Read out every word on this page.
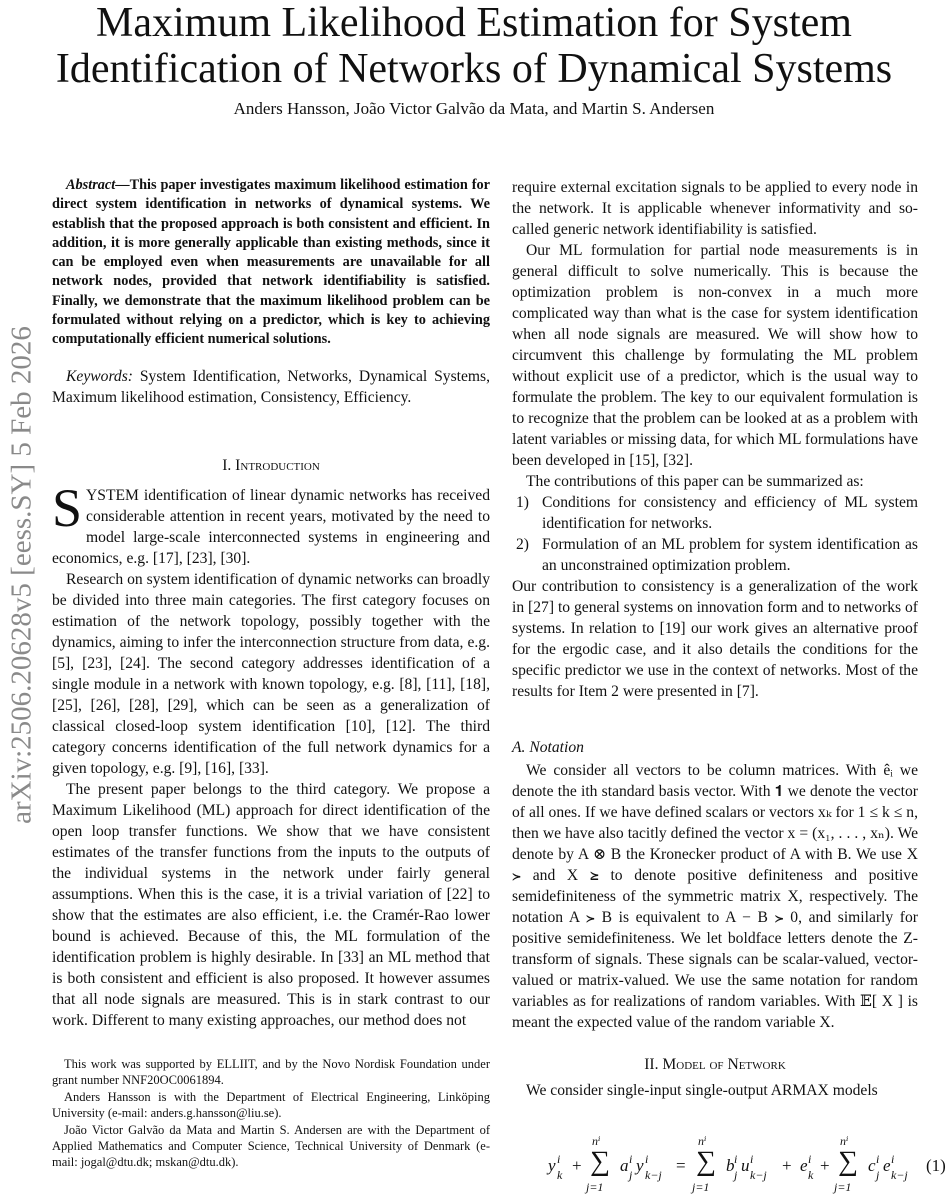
Maximum Likelihood Estimation for System
Identification of Networks of Dynamical Systems
Anders Hansson, João Victor Galvão da Mata, and Martin S. Andersen
arXiv:2506.20628v5 [eess.SY] 5 Feb 2026

Abstract—This paper investigates maximum likelihood estimation for direct system identification in networks of dynamical systems. We establish that the proposed approach is both consistent and efficient. In addition, it is more generally applicable than existing methods, since it can be employed even when measurements are unavailable for all network nodes, provided that network identifiability is satisfied. Finally, we demonstrate that the maximum likelihood problem can be formulated without relying on a predictor, which is key to achieving computationally efficient numerical solutions.

Keywords: System Identification, Networks, Dynamical Systems, Maximum likelihood estimation, Consistency, Efficiency.

I. Introduction

SYSTEM identification of linear dynamic networks has received considerable attention in recent years, motivated by the need to model large-scale interconnected systems in engineering and economics, e.g. [17], [23], [30].

Research on system identification of dynamic networks can broadly be divided into three main categories. The first category focuses on estimation of the network topology, possibly together with the dynamics, aiming to infer the interconnection structure from data, e.g. [5], [23], [24]. The second category addresses identification of a single module in a network with known topology, e.g. [8], [11], [18], [25], [26], [28], [29], which can be seen as a generalization of classical closed-loop system identification [10], [12]. The third category concerns identification of the full network dynamics for a given topology, e.g. [9], [16], [33].

The present paper belongs to the third category. We propose a Maximum Likelihood (ML) approach for direct identification of the open loop transfer functions. We show that we have consistent estimates of the transfer functions from the inputs to the outputs of the individual systems in the network under fairly general assumptions. When this is the case, it is a trivial variation of [22] to show that the estimates are also efficient, i.e. the Cramér-Rao lower bound is achieved. Because of this, the ML formulation of the identification problem is highly desirable. In [33] an ML method that is both consistent and efficient is also proposed. It however assumes that all node signals are measured. This is in stark contrast to our work. Different to many existing approaches, our method does not

This work was supported by ELLIIT, and by the Novo Nordisk Foundation under grant number NNF20OC0061894.

Anders Hansson is with the Department of Electrical Engineering, Linköping University (e-mail: anders.g.hansson@liu.se).

João Victor Galvão da Mata and Martin S. Andersen are with the Department of Applied Mathematics and Computer Science, Technical University of Denmark (e-mail: jogal@dtu.dk; mskan@dtu.dk).

require external excitation signals to be applied to every node in the network. It is applicable whenever informativity and so-called generic network identifiability is satisfied.

Our ML formulation for partial node measurements is in general difficult to solve numerically. This is because the optimization problem is non-convex in a much more complicated way than what is the case for system identification when all node signals are measured. We will show how to circumvent this challenge by formulating the ML problem without explicit use of a predictor, which is the usual way to formulate the problem. The key to our equivalent formulation is to recognize that the problem can be looked at as a problem with latent variables or missing data, for which ML formulations have been developed in [15], [32].

The contributions of this paper can be summarized as:

1) Conditions for consistency and efficiency of ML system identification for networks.
2) Formulation of an ML problem for system identification as an unconstrained optimization problem.

Our contribution to consistency is a generalization of the work in [27] to general systems on innovation form and to networks of systems. In relation to [19] our work gives an alternative proof for the ergodic case, and it also details the conditions for the specific predictor we use in the context of networks. Most of the results for Item 2 were presented in [7].

A. Notation

We consider all vectors to be column matrices. With êᵢ we denote the ith standard basis vector. With 𝟏 we denote the vector of all ones. If we have defined scalars or vectors xₖ for 1 ≤ k ≤ n, then we have also tacitly defined the vector x = (x₁, . . . , xₙ). We denote by A ⊗ B the Kronecker product of A with B. We use X ≻ and X ⪰ to denote positive definiteness and positive semidefiniteness of the symmetric matrix X, respectively. The notation A ≻ B is equivalent to A − B ≻ 0, and similarly for positive semidefiniteness. We let boldface letters denote the Z-transform of signals. These signals can be scalar-valued, vector-valued or matrix-valued. We use the same notation for random variables as for realizations of random variables. With 𝔼[ X ] is meant the expected value of the random variable X.

II. Model of Network

We consider single-input single-output ARMAX models

y i
k + ∑
nⁱ
j=1
a i
j y i
k−j = ∑
nⁱ
j=1
b i
j u i
k−j + e i
k + ∑
nⁱ
j=1
c i
j e i
k−j (1)
